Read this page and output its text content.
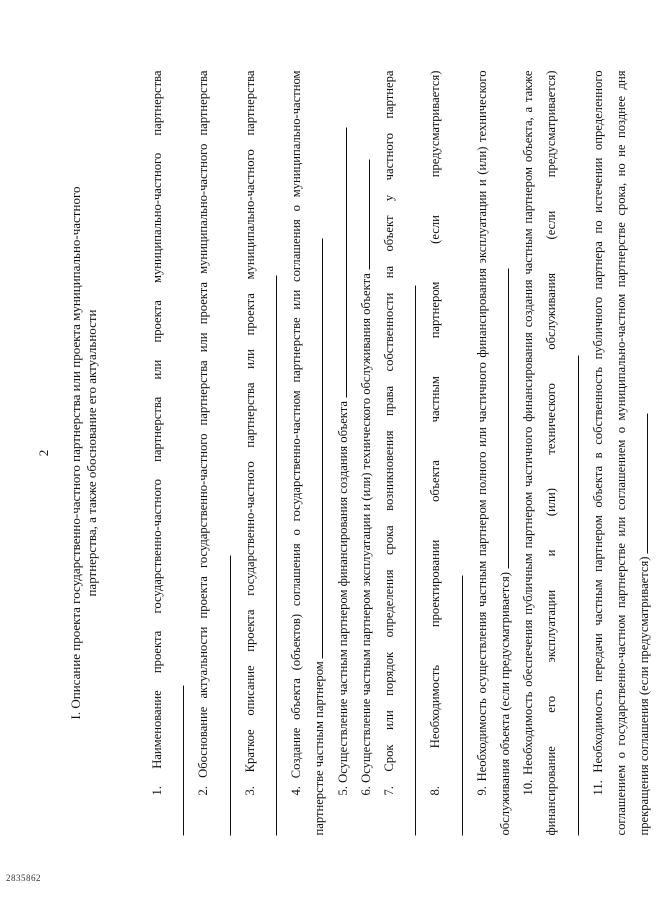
2835862
2 I. Описание проекта государственно-частного партнерства или проекта муниципально-частного партнерства, а также обоснование его актуальности	1. Наименование проекта государственно-частного партнерства или проекта муниципально-частного партнерства	2. Обоснование актуальности проекта государственно-частного партнерства или проекта муниципально-частного партнерства	3. Краткое описание проекта государственно-частного партнерства или проекта муниципально-частного партнерства	4. Создание объекта (объектов) соглашения о государственно-частном партнерстве или соглашения о муниципально-частном партнерстве частным партнером 5. Осуществление частным партнером финансирования создания объекта 6. Осуществление частным партнером эксплуатации и (или) технического обслуживания объекта 7. Срок или порядок определения срока возникновения права собственности на объект у частного партнера	8. Необходимость проектировании объекта частным партнером (если предусматривается)	9. Необходимость осуществления частным партнером полного или частичного финансирования эксплуатации и (или) технического обслуживания объекта (если предусматривается) 10. Необходимость обеспечения публичным партнером частичного финансирования создания частным партнером объекта, а также финансирование его эксплуатации и (или) технического обслуживания (если предусматривается)	11. Необходимость передачи частным партнером объекта в собственность публичного партнера по истечении определенного соглашением о государственно-частном партнерстве или соглашением о муниципально-частном партнерстве срока, но не позднее дня прекращения соглашения (если предусматривается)
